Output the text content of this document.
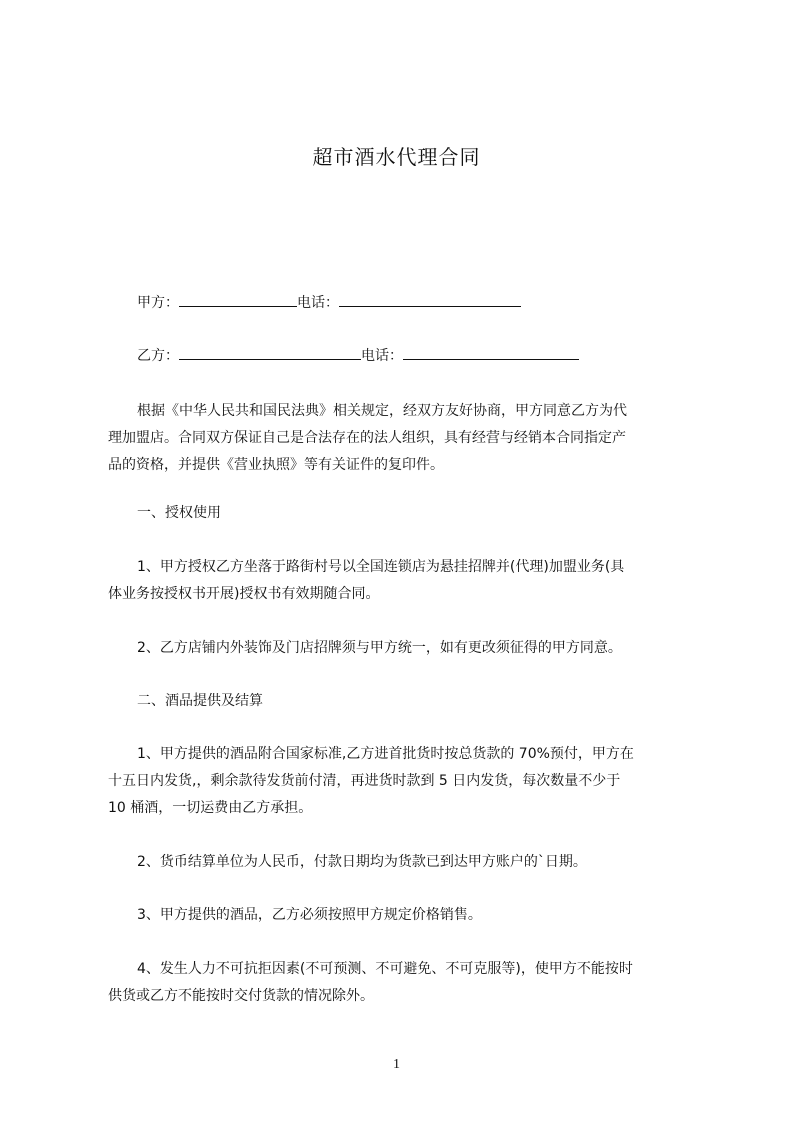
超市酒水代理合同
甲方：	电话：
乙方：	电话：
根据《中华人民共和国民法典》相关规定，经双方友好协商，甲方同意乙方为代
理加盟店。合同双方保证自己是合法存在的法人组织，具有经营与经销本合同指定产
品的资格，并提供《营业执照》等有关证件的复印件。
一、授权使用
1、甲方授权乙方坐落于路街村号以全国连锁店为悬挂招牌并(代理)加盟业务(具
体业务按授权书开展)授权书有效期随合同。
2、乙方店铺内外装饰及门店招牌须与甲方统一，如有更改须征得的甲方同意。
二、酒品提供及结算
1、甲方提供的酒品附合国家标准,乙方进首批货时按总货款的 70%预付，甲方在
十五日内发货,，剩余款待发货前付清，再进货时款到 5 日内发货，每次数量不少于
10 桶酒，一切运费由乙方承担。
2、货币结算单位为人民币，付款日期均为货款已到达甲方账户的`日期。
3、甲方提供的酒品，乙方必须按照甲方规定价格销售。
4、发生人力不可抗拒因素(不可预测、不可避免、不可克服等)，使甲方不能按时
供货或乙方不能按时交付货款的情况除外。
1
